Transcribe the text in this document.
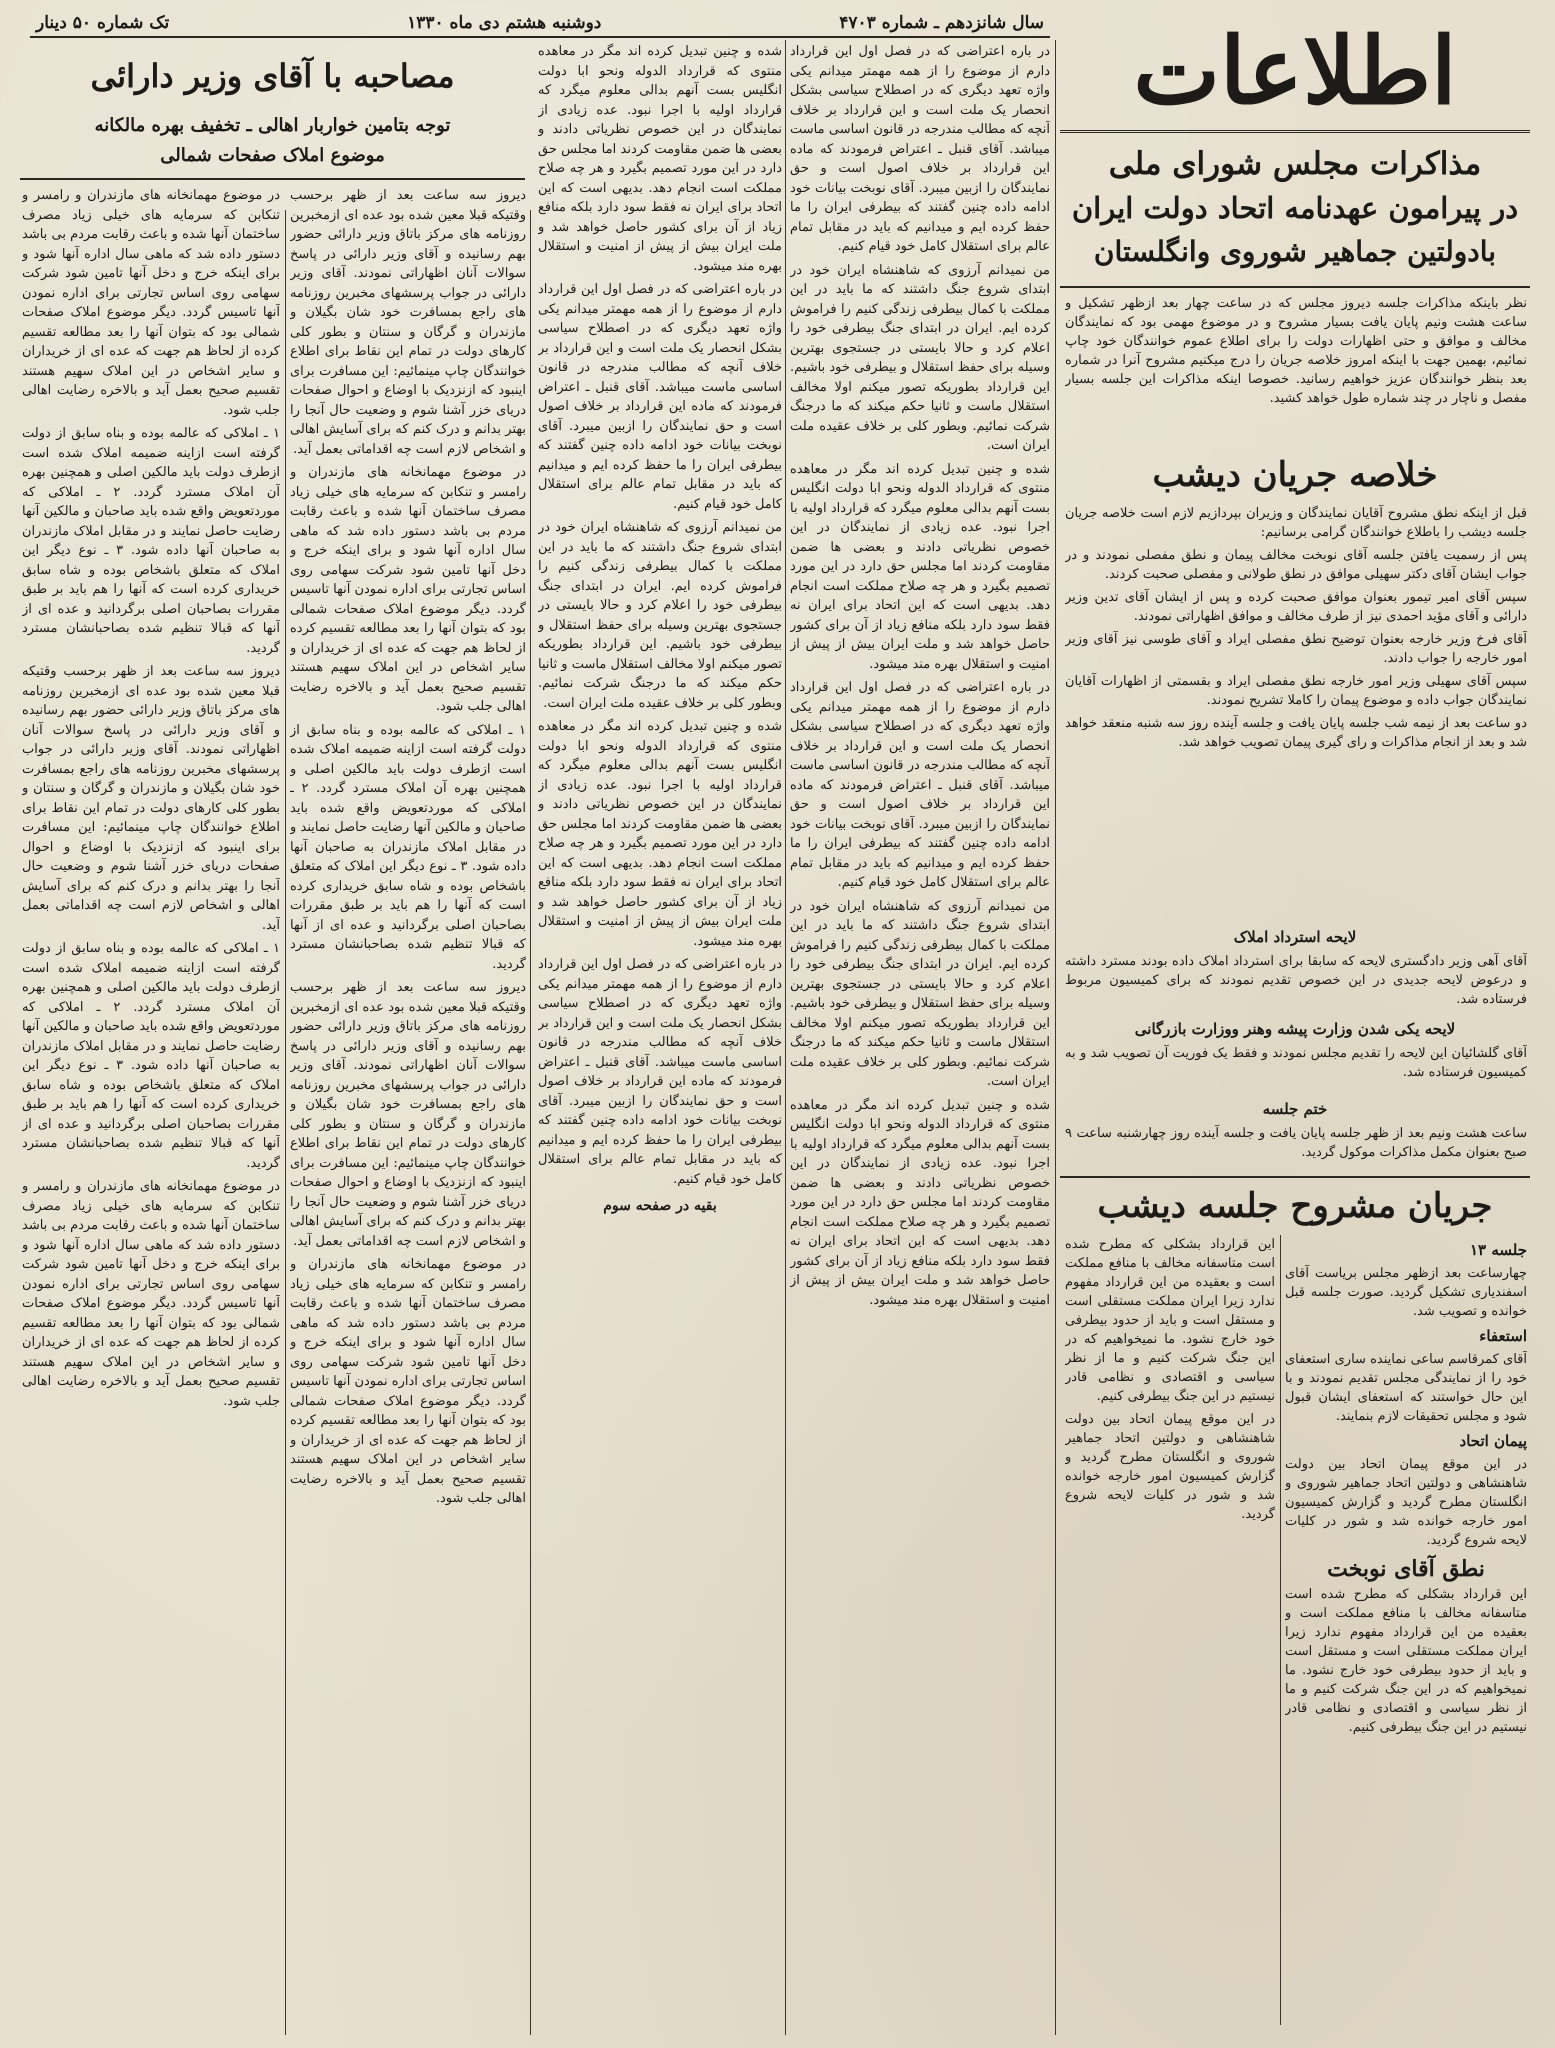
سال شانزدهم ـ شماره ۴۷۰۳
دوشنبه هشتم دی ماه ۱۳۳۰
تک شماره ۵۰ دینار	اطلاعات
مذاکرات مجلس شورای ملی
در پیرامون عهدنامه اتحاد دولت ایران
بادولتین جماهیر شوروی وانگلستان

نظر باینکه مذاکرات جلسه دیروز مجلس که در ساعت چهار بعد ازظهر تشکیل و ساعت هشت ونیم پایان یافت بسیار مشروح و در موضوع مهمی بود که نمایندگان مخالف و موافق و حتی اظهارات دولت را برای اطلاع عموم خوانندگان خود چاپ نمائیم، بهمین جهت با اینکه امروز خلاصه جریان را درج میکنیم مشروح آنرا در شماره بعد بنظر خوانندگان عزیز خواهیم رسانید. خصوصا اینکه مذاکرات این جلسه بسیار مفصل و ناچار در چند شماره طول خواهد کشید.

خلاصه جریان دیشب

قبل از اینکه نطق مشروح آقایان نمایندگان و وزیران بپردازیم لازم است خلاصه جریان جلسه دیشب را باطلاع خوانندگان گرامی برسانیم:

پس از رسمیت یافتن جلسه آقای نوبخت مخالف پیمان و نطق مفصلی نمودند و در جواب ایشان آقای دکتر سهیلی موافق در نطق طولانی و مفصلی صحبت کردند.

سپس آقای امیر تیمور بعنوان موافق صحبت کرده و پس از ایشان آقای تدین وزیر دارائی و آقای مؤید احمدی نیز از طرف مخالف و موافق اظهاراتی نمودند.

آقای فرخ وزیر خارجه بعنوان توضیح نطق مفصلی ایراد و آقای طوسی نیز آقای وزیر امور خارجه را جواب دادند.

سپس آقای سهیلی وزیر امور خارجه نطق مفصلی ایراد و بقسمتی از اظهارات آقایان نمایندگان جواب داده و موضوع پیمان را کاملا تشریح نمودند.

دو ساعت بعد از نیمه شب جلسه پایان یافت و جلسه آینده روز سه شنبه منعقد خواهد شد و بعد از انجام مذاکرات و رای گیری پیمان تصویب خواهد شد.

لایحه استرداد املاک

آقای آهی وزیر دادگستری لایحه که سابقا برای استرداد املاک داده بودند مسترد داشته و درعوض لایحه جدیدی در این خصوص تقدیم نمودند که برای کمیسیون مربوط فرستاده شد.

لایحه یکی شدن وزارت پیشه وهنر ووزارت بازرگانی

آقای گلشائیان این لایحه را تقدیم مجلس نمودند و فقط یک فوریت آن تصویب شد و به کمیسیون فرستاده شد.

ختم جلسه

ساعت هشت ونیم بعد از ظهر جلسه پایان یافت و جلسه آینده روز چهارشنبه ساعت ۹ صبح بعنوان مکمل مذاکرات موکول گردید.

جریان مشروح جلسه دیشب
جلسه ۱۳

چهارساعت بعد ازظهر مجلس بریاست آقای اسفندیاری تشکیل گردید. صورت جلسه قبل خوانده و تصویب شد.

استعفاء

آقای کمرقاسم ساعی نماینده ساری استعفای خود را از نمایندگی مجلس تقدیم نمودند و با این حال خواستند که استعفای ایشان قبول شود و مجلس تحقیقات لازم بنمایند.

پیمان اتحاد

در این موقع پیمان اتحاد بین دولت شاهنشاهی و دولتین اتحاد جماهیر شوروی و انگلستان مطرح گردید و گزارش کمیسیون امور خارجه خوانده شد و شور در کلیات لایحه شروع گردید.

نطق آقای نوبخت

این قرارداد بشکلی که مطرح شده است متاسفانه مخالف با منافع مملکت است و بعقیده من این قرارداد مفهوم ندارد زیرا ایران مملکت مستقلی است و مستقل است و باید از حدود بیطرفی خود خارج نشود. ما نمیخواهیم که در این جنگ شرکت کنیم و ما از نظر سیاسی و اقتصادی و نظامی قادر نیستیم در این جنگ بیطرفی کنیم.

این قرارداد بشکلی که مطرح شده است متاسفانه مخالف با منافع مملکت است و بعقیده من این قرارداد مفهوم ندارد زیرا ایران مملکت مستقلی است و مستقل است و باید از حدود بیطرفی خود خارج نشود. ما نمیخواهیم که در این جنگ شرکت کنیم و ما از نظر سیاسی و اقتصادی و نظامی قادر نیستیم در این جنگ بیطرفی کنیم.

در این موقع پیمان اتحاد بین دولت شاهنشاهی و دولتین اتحاد جماهیر شوروی و انگلستان مطرح گردید و گزارش کمیسیون امور خارجه خوانده شد و شور در کلیات لایحه شروع گردید.

در باره اعتراضی که در فصل اول این قرارداد دارم از موضوع را از همه مهمتر میدانم یکی واژه تعهد دیگری که در اصطلاح سیاسی بشکل انحصار یک ملت است و این قرارداد بر خلاف آنچه که مطالب مندرجه در قانون اساسی ماست میباشد. آقای قنبل ـ اعتراض فرمودند که ماده این قرارداد بر خلاف اصول است و حق نمایندگان را ازبین میبرد. آقای نوبخت بیانات خود ادامه داده چنین گفتند که بیطرفی ایران را ما حفظ کرده ایم و میدانیم که باید در مقابل تمام عالم برای استقلال کامل خود قیام کنیم.

من نمیدانم آرزوی که شاهنشاه ایران خود در ابتدای شروع جنگ داشتند که ما باید در این مملکت با کمال بیطرفی زندگی کنیم را فراموش کرده ایم. ایران در ابتدای جنگ بیطرفی خود را اعلام کرد و حالا بایستی در جستجوی بهترین وسیله برای حفظ استقلال و بیطرفی خود باشیم. این قرارداد بطوریکه تصور میکنم اولا مخالف استقلال ماست و ثانیا حکم میکند که ما درجنگ شرکت نمائیم. وبطور کلی بر خلاف عقیده ملت ایران است.

شده و چنین تبدیل کرده اند مگر در معاهده منتوی که قرارداد الدوله ونحو ابا دولت انگلیس بست آنهم بدالی معلوم میگرد که قرارداد اولیه با اجرا نبود. عده زیادی از نمایندگان در این خصوص نظریاتی دادند و بعضی ها ضمن مقاومت کردند اما مجلس حق دارد در این مورد تصمیم بگیرد و هر چه صلاح مملکت است انجام دهد. بدیهی است که این اتحاد برای ایران نه فقط سود دارد بلکه منافع زیاد از آن برای کشور حاصل خواهد شد و ملت ایران بیش از پیش از امنیت و استقلال بهره مند میشود.

در باره اعتراضی که در فصل اول این قرارداد دارم از موضوع را از همه مهمتر میدانم یکی واژه تعهد دیگری که در اصطلاح سیاسی بشکل انحصار یک ملت است و این قرارداد بر خلاف آنچه که مطالب مندرجه در قانون اساسی ماست میباشد. آقای قنبل ـ اعتراض فرمودند که ماده این قرارداد بر خلاف اصول است و حق نمایندگان را ازبین میبرد. آقای نوبخت بیانات خود ادامه داده چنین گفتند که بیطرفی ایران را ما حفظ کرده ایم و میدانیم که باید در مقابل تمام عالم برای استقلال کامل خود قیام کنیم.

من نمیدانم آرزوی که شاهنشاه ایران خود در ابتدای شروع جنگ داشتند که ما باید در این مملکت با کمال بیطرفی زندگی کنیم را فراموش کرده ایم. ایران در ابتدای جنگ بیطرفی خود را اعلام کرد و حالا بایستی در جستجوی بهترین وسیله برای حفظ استقلال و بیطرفی خود باشیم. این قرارداد بطوریکه تصور میکنم اولا مخالف استقلال ماست و ثانیا حکم میکند که ما درجنگ شرکت نمائیم. وبطور کلی بر خلاف عقیده ملت ایران است.

شده و چنین تبدیل کرده اند مگر در معاهده منتوی که قرارداد الدوله ونحو ابا دولت انگلیس بست آنهم بدالی معلوم میگرد که قرارداد اولیه با اجرا نبود. عده زیادی از نمایندگان در این خصوص نظریاتی دادند و بعضی ها ضمن مقاومت کردند اما مجلس حق دارد در این مورد تصمیم بگیرد و هر چه صلاح مملکت است انجام دهد. بدیهی است که این اتحاد برای ایران نه فقط سود دارد بلکه منافع زیاد از آن برای کشور حاصل خواهد شد و ملت ایران بیش از پیش از امنیت و استقلال بهره مند میشود.

شده و چنین تبدیل کرده اند مگر در معاهده منتوی که قرارداد الدوله ونحو ابا دولت انگلیس بست آنهم بدالی معلوم میگرد که قرارداد اولیه با اجرا نبود. عده زیادی از نمایندگان در این خصوص نظریاتی دادند و بعضی ها ضمن مقاومت کردند اما مجلس حق دارد در این مورد تصمیم بگیرد و هر چه صلاح مملکت است انجام دهد. بدیهی است که این اتحاد برای ایران نه فقط سود دارد بلکه منافع زیاد از آن برای کشور حاصل خواهد شد و ملت ایران بیش از پیش از امنیت و استقلال بهره مند میشود.

در باره اعتراضی که در فصل اول این قرارداد دارم از موضوع را از همه مهمتر میدانم یکی واژه تعهد دیگری که در اصطلاح سیاسی بشکل انحصار یک ملت است و این قرارداد بر خلاف آنچه که مطالب مندرجه در قانون اساسی ماست میباشد. آقای قنبل ـ اعتراض فرمودند که ماده این قرارداد بر خلاف اصول است و حق نمایندگان را ازبین میبرد. آقای نوبخت بیانات خود ادامه داده چنین گفتند که بیطرفی ایران را ما حفظ کرده ایم و میدانیم که باید در مقابل تمام عالم برای استقلال کامل خود قیام کنیم.

من نمیدانم آرزوی که شاهنشاه ایران خود در ابتدای شروع جنگ داشتند که ما باید در این مملکت با کمال بیطرفی زندگی کنیم را فراموش کرده ایم. ایران در ابتدای جنگ بیطرفی خود را اعلام کرد و حالا بایستی در جستجوی بهترین وسیله برای حفظ استقلال و بیطرفی خود باشیم. این قرارداد بطوریکه تصور میکنم اولا مخالف استقلال ماست و ثانیا حکم میکند که ما درجنگ شرکت نمائیم. وبطور کلی بر خلاف عقیده ملت ایران است.

شده و چنین تبدیل کرده اند مگر در معاهده منتوی که قرارداد الدوله ونحو ابا دولت انگلیس بست آنهم بدالی معلوم میگرد که قرارداد اولیه با اجرا نبود. عده زیادی از نمایندگان در این خصوص نظریاتی دادند و بعضی ها ضمن مقاومت کردند اما مجلس حق دارد در این مورد تصمیم بگیرد و هر چه صلاح مملکت است انجام دهد. بدیهی است که این اتحاد برای ایران نه فقط سود دارد بلکه منافع زیاد از آن برای کشور حاصل خواهد شد و ملت ایران بیش از پیش از امنیت و استقلال بهره مند میشود.

در باره اعتراضی که در فصل اول این قرارداد دارم از موضوع را از همه مهمتر میدانم یکی واژه تعهد دیگری که در اصطلاح سیاسی بشکل انحصار یک ملت است و این قرارداد بر خلاف آنچه که مطالب مندرجه در قانون اساسی ماست میباشد. آقای قنبل ـ اعتراض فرمودند که ماده این قرارداد بر خلاف اصول است و حق نمایندگان را ازبین میبرد. آقای نوبخت بیانات خود ادامه داده چنین گفتند که بیطرفی ایران را ما حفظ کرده ایم و میدانیم که باید در مقابل تمام عالم برای استقلال کامل خود قیام کنیم.

بقیه در صفحه سوم
مصاحبه با آقای وزیر دارائی
توجه بتامین خواربار اهالی ـ تخفیف بهره مالکانه
موضوع املاک صفحات شمالی

دیروز سه ساعت بعد از ظهر برحسب وقتیکه قبلا معین شده بود عده ای ازمخبرین روزنامه های مرکز باتاق وزیر دارائی حضور بهم رسانیده و آقای وزیر دارائی در پاسخ سوالات آنان اظهاراتی نمودند. آقای وزیر دارائی در جواب پرسشهای مخبرین روزنامه های راجع بمسافرت خود شان بگیلان و مازندران و گرگان و سنتان و بطور کلی کارهای دولت در تمام این نقاط برای اطلاع خوانندگان چاپ مینمائیم: این مسافرت برای اینبود که ازنزدیک با اوضاع و احوال صفحات دریای خزر آشنا شوم و وضعیت حال آنجا را بهتر بدانم و درک کنم که برای آسایش اهالی و اشخاص لازم است چه اقداماتی بعمل آید.

در موضوع مهمانخانه های مازندران و رامسر و تنکابن که سرمایه های خیلی زیاد مصرف ساختمان آنها شده و باعث رقابت مردم بی باشد دستور داده شد که ماهی سال اداره آنها شود و برای اینکه خرج و دخل آنها تامین شود شرکت سهامی روی اساس تجارتی برای اداره نمودن آنها تاسیس گردد. دیگر موضوع املاک صفحات شمالی بود که بتوان آنها را بعد مطالعه تقسیم کرده از لحاظ هم جهت که عده ای از خریداران و سایر اشخاص در این املاک سهیم هستند تقسیم صحیح بعمل آید و بالاخره رضایت اهالی جلب شود.

۱ ـ املاکی که عالمه بوده و بناه سابق از دولت گرفته است ازاینه ضمیمه املاک شده است ازطرف دولت باید مالکین اصلی و همچنین بهره آن املاک مسترد گردد. ۲ ـ املاکی که موردتعویض واقع شده باید صاحبان و مالکین آنها رضایت حاصل نمایند و در مقابل املاک مازندران به صاحبان آنها داده شود. ۳ ـ نوع دیگر این املاک که متعلق باشخاص بوده و شاه سابق خریداری کرده است که آنها را هم باید بر طبق مقررات بصاحبان اصلی برگردانید و عده ای از آنها که قبالا تنظیم شده بصاحبانشان مسترد گردید.

دیروز سه ساعت بعد از ظهر برحسب وقتیکه قبلا معین شده بود عده ای ازمخبرین روزنامه های مرکز باتاق وزیر دارائی حضور بهم رسانیده و آقای وزیر دارائی در پاسخ سوالات آنان اظهاراتی نمودند. آقای وزیر دارائی در جواب پرسشهای مخبرین روزنامه های راجع بمسافرت خود شان بگیلان و مازندران و گرگان و سنتان و بطور کلی کارهای دولت در تمام این نقاط برای اطلاع خوانندگان چاپ مینمائیم: این مسافرت برای اینبود که ازنزدیک با اوضاع و احوال صفحات دریای خزر آشنا شوم و وضعیت حال آنجا را بهتر بدانم و درک کنم که برای آسایش اهالی و اشخاص لازم است چه اقداماتی بعمل آید.

در موضوع مهمانخانه های مازندران و رامسر و تنکابن که سرمایه های خیلی زیاد مصرف ساختمان آنها شده و باعث رقابت مردم بی باشد دستور داده شد که ماهی سال اداره آنها شود و برای اینکه خرج و دخل آنها تامین شود شرکت سهامی روی اساس تجارتی برای اداره نمودن آنها تاسیس گردد. دیگر موضوع املاک صفحات شمالی بود که بتوان آنها را بعد مطالعه تقسیم کرده از لحاظ هم جهت که عده ای از خریداران و سایر اشخاص در این املاک سهیم هستند تقسیم صحیح بعمل آید و بالاخره رضایت اهالی جلب شود.

در موضوع مهمانخانه های مازندران و رامسر و تنکابن که سرمایه های خیلی زیاد مصرف ساختمان آنها شده و باعث رقابت مردم بی باشد دستور داده شد که ماهی سال اداره آنها شود و برای اینکه خرج و دخل آنها تامین شود شرکت سهامی روی اساس تجارتی برای اداره نمودن آنها تاسیس گردد. دیگر موضوع املاک صفحات شمالی بود که بتوان آنها را بعد مطالعه تقسیم کرده از لحاظ هم جهت که عده ای از خریداران و سایر اشخاص در این املاک سهیم هستند تقسیم صحیح بعمل آید و بالاخره رضایت اهالی جلب شود.

۱ ـ املاکی که عالمه بوده و بناه سابق از دولت گرفته است ازاینه ضمیمه املاک شده است ازطرف دولت باید مالکین اصلی و همچنین بهره آن املاک مسترد گردد. ۲ ـ املاکی که موردتعویض واقع شده باید صاحبان و مالکین آنها رضایت حاصل نمایند و در مقابل املاک مازندران به صاحبان آنها داده شود. ۳ ـ نوع دیگر این املاک که متعلق باشخاص بوده و شاه سابق خریداری کرده است که آنها را هم باید بر طبق مقررات بصاحبان اصلی برگردانید و عده ای از آنها که قبالا تنظیم شده بصاحبانشان مسترد گردید.

دیروز سه ساعت بعد از ظهر برحسب وقتیکه قبلا معین شده بود عده ای ازمخبرین روزنامه های مرکز باتاق وزیر دارائی حضور بهم رسانیده و آقای وزیر دارائی در پاسخ سوالات آنان اظهاراتی نمودند. آقای وزیر دارائی در جواب پرسشهای مخبرین روزنامه های راجع بمسافرت خود شان بگیلان و مازندران و گرگان و سنتان و بطور کلی کارهای دولت در تمام این نقاط برای اطلاع خوانندگان چاپ مینمائیم: این مسافرت برای اینبود که ازنزدیک با اوضاع و احوال صفحات دریای خزر آشنا شوم و وضعیت حال آنجا را بهتر بدانم و درک کنم که برای آسایش اهالی و اشخاص لازم است چه اقداماتی بعمل آید.

۱ ـ املاکی که عالمه بوده و بناه سابق از دولت گرفته است ازاینه ضمیمه املاک شده است ازطرف دولت باید مالکین اصلی و همچنین بهره آن املاک مسترد گردد. ۲ ـ املاکی که موردتعویض واقع شده باید صاحبان و مالکین آنها رضایت حاصل نمایند و در مقابل املاک مازندران به صاحبان آنها داده شود. ۳ ـ نوع دیگر این املاک که متعلق باشخاص بوده و شاه سابق خریداری کرده است که آنها را هم باید بر طبق مقررات بصاحبان اصلی برگردانید و عده ای از آنها که قبالا تنظیم شده بصاحبانشان مسترد گردید.

در موضوع مهمانخانه های مازندران و رامسر و تنکابن که سرمایه های خیلی زیاد مصرف ساختمان آنها شده و باعث رقابت مردم بی باشد دستور داده شد که ماهی سال اداره آنها شود و برای اینکه خرج و دخل آنها تامین شود شرکت سهامی روی اساس تجارتی برای اداره نمودن آنها تاسیس گردد. دیگر موضوع املاک صفحات شمالی بود که بتوان آنها را بعد مطالعه تقسیم کرده از لحاظ هم جهت که عده ای از خریداران و سایر اشخاص در این املاک سهیم هستند تقسیم صحیح بعمل آید و بالاخره رضایت اهالی جلب شود.
